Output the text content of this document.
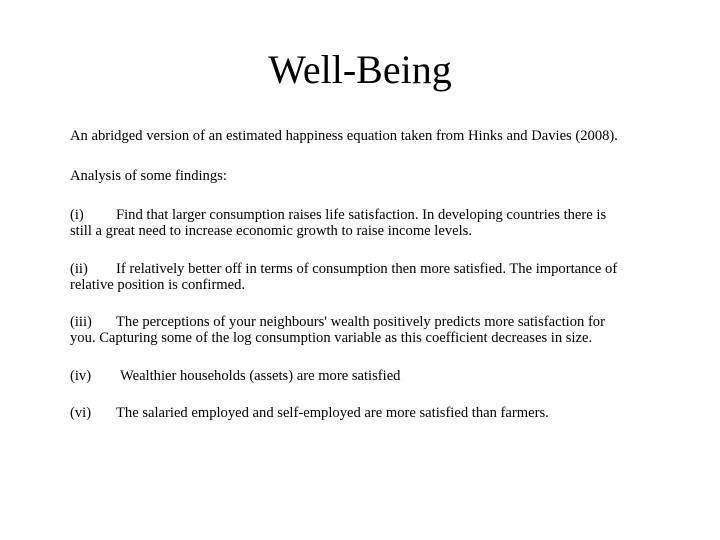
Well-Being

An abridged version of an estimated happiness equation taken from Hinks and Davies (2008).

Analysis of some findings:

(i) Find that larger consumption raises life satisfaction. In developing countries there is
still a great need to increase economic growth to raise income levels.
(ii) If relatively better off in terms of consumption then more satisfied. The importance of
relative position is confirmed.
(iii) The perceptions of your neighbours' wealth positively predicts more satisfaction for
you. Capturing some of the log consumption variable as this coefficient decreases in size.
(iv) Wealthier households (assets) are more satisfied
(vi) The salaried employed and self-employed are more satisfied than farmers.
